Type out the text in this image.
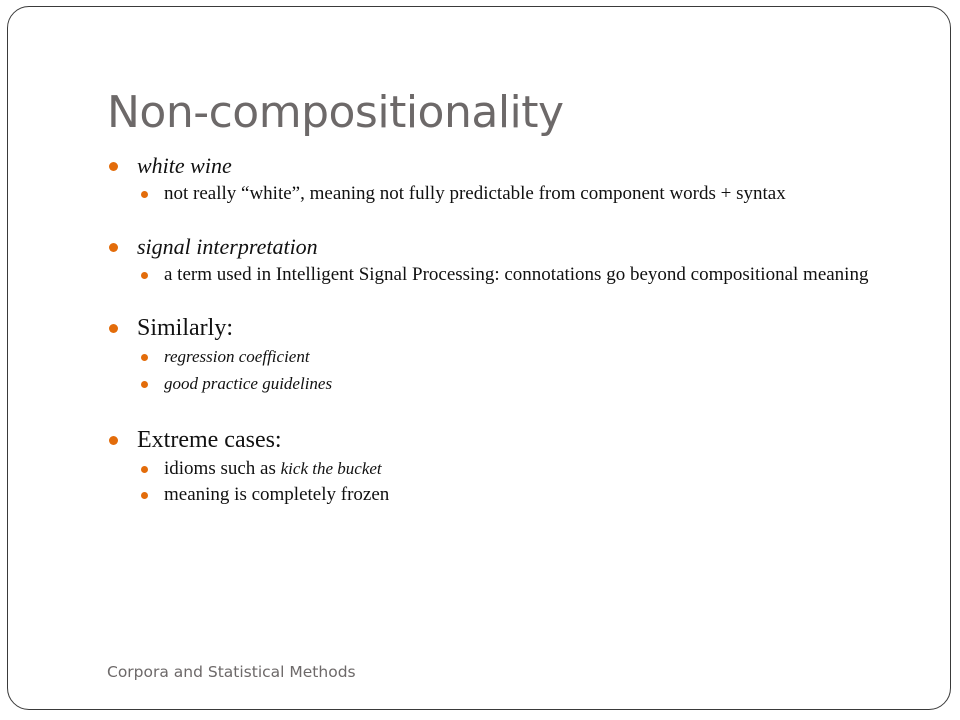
Non-compositionality
white wine
not really “white”, meaning not fully predictable from component words + syntax
signal interpretation
a term used in Intelligent Signal Processing: connotations go beyond compositional meaning
Similarly:
regression coefficient
good practice guidelines
Extreme cases:
idioms such as kick the bucket
meaning is completely frozen
Corpora and Statistical Methods
